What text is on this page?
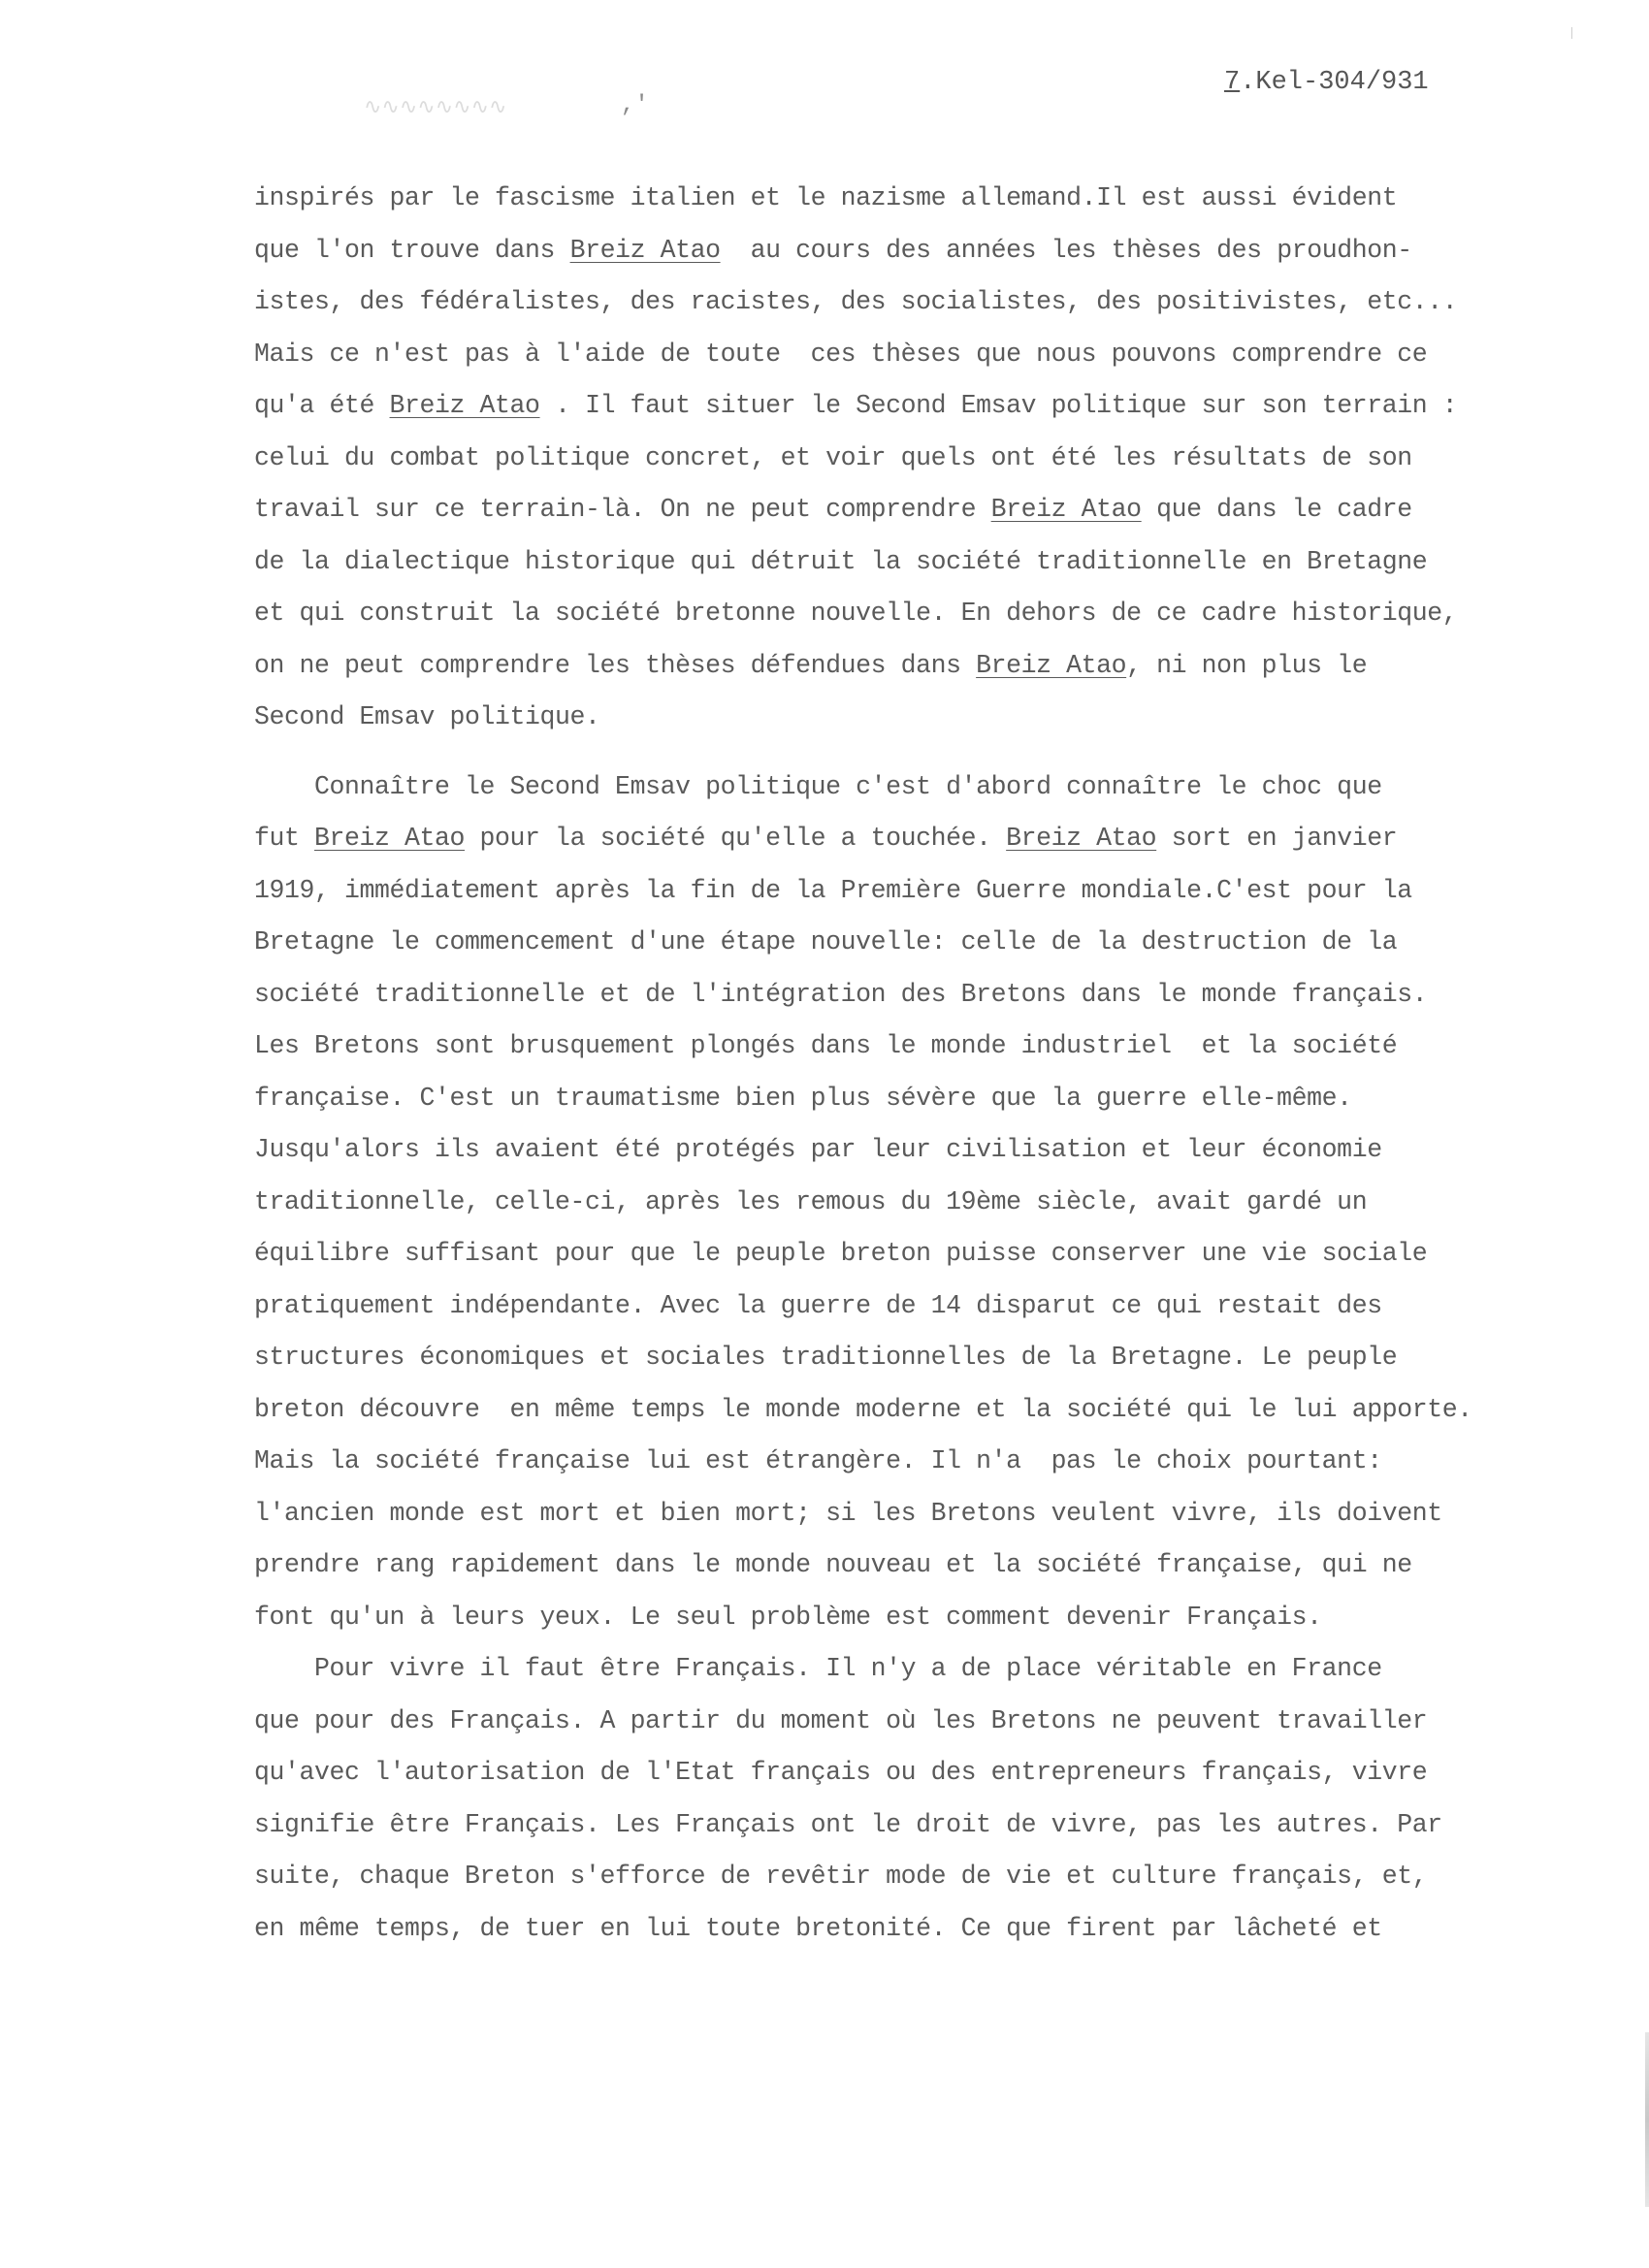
7.Kel-304/931
∿∿∿∿∿∿∿∿	,'
inspirés par le fascisme italien et le nazisme allemand.Il est aussi évident
que l'on trouve dans Breiz Atao  au cours des années les thèses des proudhon-
istes, des fédéralistes, des racistes, des socialistes, des positivistes, etc...
Mais ce n'est pas à l'aide de toute  ces thèses que nous pouvons comprendre ce
qu'a été Breiz Atao . Il faut situer le Second Emsav politique sur son terrain :
celui du combat politique concret, et voir quels ont été les résultats de son
travail sur ce terrain-là. On ne peut comprendre Breiz Atao que dans le cadre
de la dialectique historique qui détruit la société traditionnelle en Bretagne
et qui construit la société bretonne nouvelle. En dehors de ce cadre historique,
on ne peut comprendre les thèses défendues dans Breiz Atao, ni non plus le
Second Emsav politique.
Connaître le Second Emsav politique c'est d'abord connaître le choc que
fut Breiz Atao pour la société qu'elle a touchée. Breiz Atao sort en janvier
1919, immédiatement après la fin de la Première Guerre mondiale.C'est pour la
Bretagne le commencement d'une étape nouvelle: celle de la destruction de la
société traditionnelle et de l'intégration des Bretons dans le monde français.
Les Bretons sont brusquement plongés dans le monde industriel  et la société
française. C'est un traumatisme bien plus sévère que la guerre elle-même.
Jusqu'alors ils avaient été protégés par leur civilisation et leur économie
traditionnelle, celle-ci, après les remous du 19ème siècle, avait gardé un
équilibre suffisant pour que le peuple breton puisse conserver une vie sociale
pratiquement indépendante. Avec la guerre de 14 disparut ce qui restait des
structures économiques et sociales traditionnelles de la Bretagne. Le peuple
breton découvre  en même temps le monde moderne et la société qui le lui apporte.
Mais la société française lui est étrangère. Il n'a  pas le choix pourtant:
l'ancien monde est mort et bien mort; si les Bretons veulent vivre, ils doivent
prendre rang rapidement dans le monde nouveau et la société française, qui ne
font qu'un à leurs yeux. Le seul problème est comment devenir Français.
Pour vivre il faut être Français. Il n'y a de place véritable en France
que pour des Français. A partir du moment où les Bretons ne peuvent travailler
qu'avec l'autorisation de l'Etat français ou des entrepreneurs français, vivre
signifie être Français. Les Français ont le droit de vivre, pas les autres. Par
suite, chaque Breton s'efforce de revêtir mode de vie et culture français, et,
en même temps, de tuer en lui toute bretonité. Ce que firent par lâcheté et
